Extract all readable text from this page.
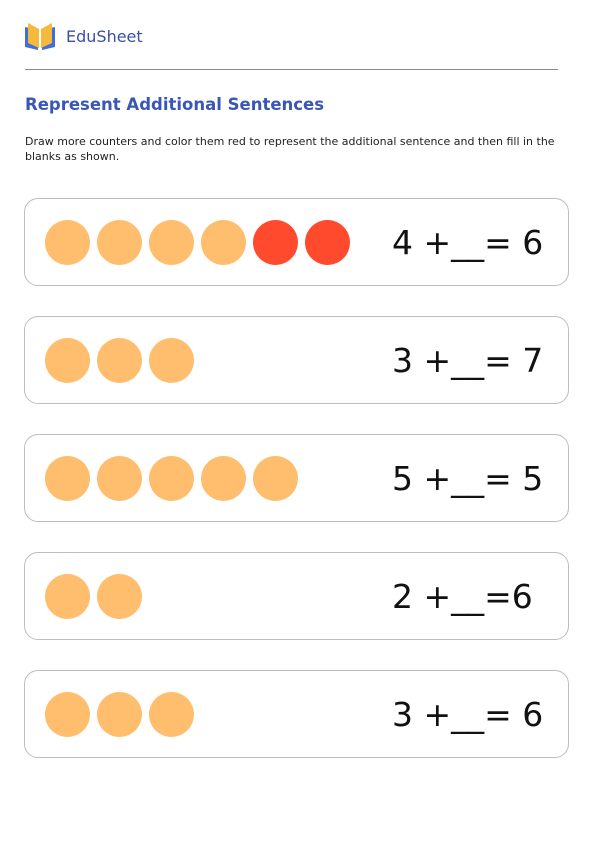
EduSheet
Represent Additional Sentences

Draw more counters and color them red to represent the additional sentence and then fill in the blanks as shown.

4 +__= 6
3 +__= 7
5 +__= 5
2 +__=6
3 +__= 6
